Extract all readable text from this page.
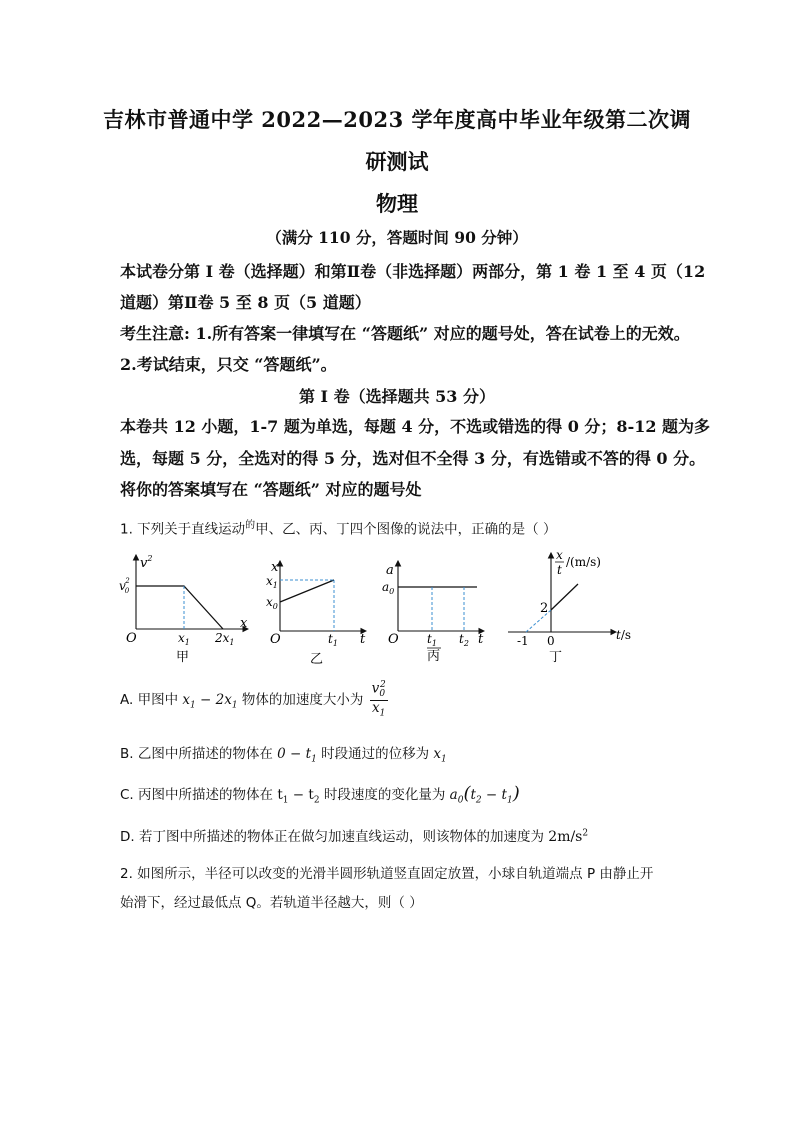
吉林市普通中学 2022—2023 学年度高中毕业年级第二次调
研测试
物理
（满分 110 分，答题时间 90 分钟）
本试卷分第 I 卷（选择题）和第Ⅱ卷（非选择题）两部分，第 1 卷 1 至 4 页（12
道题）第Ⅱ卷 5 至 8 页（5 道题）
考生注意: 1.所有答案一律填写在 “答题纸” 对应的题号处，答在试卷上的无效。
2.考试结束，只交 “答题纸”。
第 I 卷（选择题共 53 分）
本卷共 12 小题，1-7 题为单选，每题 4 分，不选或错选的得 0 分；8-12 题为多
选，每题 5 分，全选对的得 5 分，选对但不全得 3 分，有选错或不答的得 0 分。
将你的答案填写在 “答题纸” 对应的题号处
1. 下列关于直线运动$^的$甲、乙、丙、丁四个图像的说法中，正确的是（ ）
$v^2$
v02
O
x
$x_1$ $2x_1$
甲
x
$x_1$
$x_0$
O	$t_1$ t
乙
a
$a_0$
O $t_1$ $t_2$ t
丙
x
t
/(m/s)
2
-1 0	t/s
丁
A. 甲图中 $x_1 - 2x_1$ 物体的加速度大小为 $\frac{v_0^2}{x_1}$
B. 乙图中所描述的物体在 $0 - t_1$ 时段通过的位移为 $x_1$
C. 丙图中所描述的物体在 $t_1 - t_2$ 时段速度的变化量为 $a_0(t_2 - t_1)$
D. 若丁图中所描述的物体正在做匀加速直线运动，则该物体的加速度为 $2m/s^2$
2. 如图所示，半径可以改变的光滑半圆形轨道竖直固定放置，小球自轨道端点 P 由静止开
始滑下，经过最低点 Q。若轨道半径越大，则（ ）
